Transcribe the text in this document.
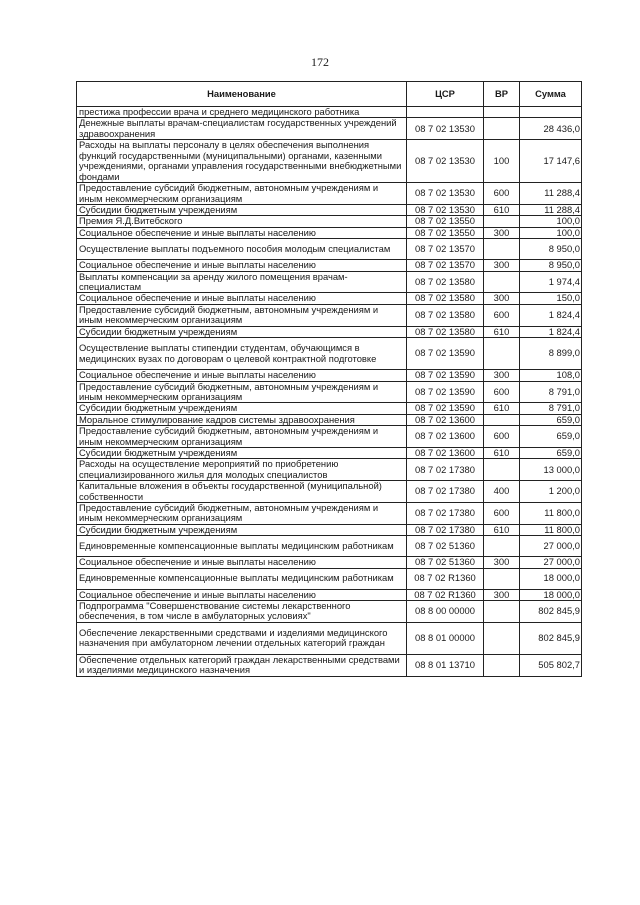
172
Наименование	ЦСР	ВР	Сумма
престижа профессии врача и среднего медицинского работника			
Денежные выплаты врачам-специалистам государственных учреждений здравоохранения	08 7 02 13530		28 436,0
Расходы на выплаты персоналу в целях обеспечения выполнения функций государственными (муниципальными) органами, казенными учреждениями, органами управления государственными внебюджетными фондами	08 7 02 13530	100	17 147,6
Предоставление субсидий бюджетным, автономным учреждениям и иным некоммерческим организациям	08 7 02 13530	600	11 288,4
Субсидии бюджетным учреждениям	08 7 02 13530	610	11 288,4
Премия Я.Д.Витебского	08 7 02 13550		100,0
Социальное обеспечение и иные выплаты населению	08 7 02 13550	300	100,0
Осуществление выплаты подъемного пособия молодым специалистам	08 7 02 13570		8 950,0
Социальное обеспечение и иные выплаты населению	08 7 02 13570	300	8 950,0
Выплаты компенсации за аренду жилого помещения врачам-специалистам	08 7 02 13580		1 974,4
Социальное обеспечение и иные выплаты населению	08 7 02 13580	300	150,0
Предоставление субсидий бюджетным, автономным учреждениям и иным некоммерческим организациям	08 7 02 13580	600	1 824,4
Субсидии бюджетным учреждениям	08 7 02 13580	610	1 824,4
Осуществление выплаты стипендии студентам, обучающимся в медицинских вузах по договорам о целевой контрактной подготовке	08 7 02 13590		8 899,0
Социальное обеспечение и иные выплаты населению	08 7 02 13590	300	108,0
Предоставление субсидий бюджетным, автономным учреждениям и иным некоммерческим организациям	08 7 02 13590	600	8 791,0
Субсидии бюджетным учреждениям	08 7 02 13590	610	8 791,0
Моральное стимулирование кадров системы здравоохранения	08 7 02 13600		659,0
Предоставление субсидий бюджетным, автономным учреждениям и иным некоммерческим организациям	08 7 02 13600	600	659,0
Субсидии бюджетным учреждениям	08 7 02 13600	610	659,0
Расходы на осуществление мероприятий по приобретению специализированного жилья для молодых специалистов	08 7 02 17380		13 000,0
Капитальные вложения в объекты государственной (муниципальной) собственности	08 7 02 17380	400	1 200,0
Предоставление субсидий бюджетным, автономным учреждениям и иным некоммерческим организациям	08 7 02 17380	600	11 800,0
Субсидии бюджетным учреждениям	08 7 02 17380	610	11 800,0
Единовременные компенсационные выплаты медицинским работникам	08 7 02 51360		27 000,0
Социальное обеспечение и иные выплаты населению	08 7 02 51360	300	27 000,0
Единовременные компенсационные выплаты медицинским работникам	08 7 02 R1360		18 000,0
Социальное обеспечение и иные выплаты населению	08 7 02 R1360	300	18 000,0
Подпрограмма "Совершенствование системы лекарственного обеспечения, в том числе в амбулаторных условиях"	08 8 00 00000		802 845,9
Обеспечение лекарственными средствами и изделиями медицинского назначения при амбулаторном лечении отдельных категорий граждан	08 8 01 00000		802 845,9
Обеспечение отдельных категорий граждан лекарственными средствами и изделиями медицинского назначения	08 8 01 13710		505 802,7
